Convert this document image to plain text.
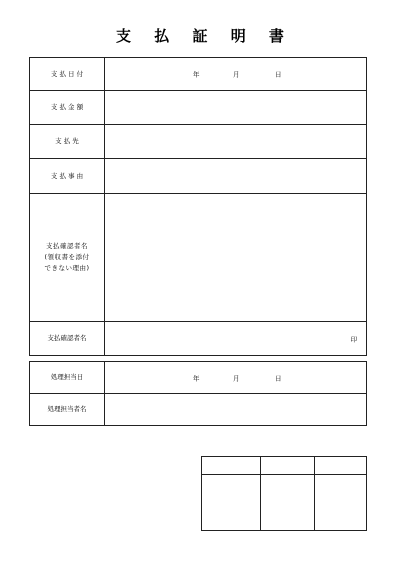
支 払 証 明 書
支 払 日 付	年	月	日
支 払 金 額
支 払 先
支 払 事 由
支払確認者名
(領収書を添付
できない理由)
支払確認者名	印
処理担当日	年	月	日
処理担当者名
